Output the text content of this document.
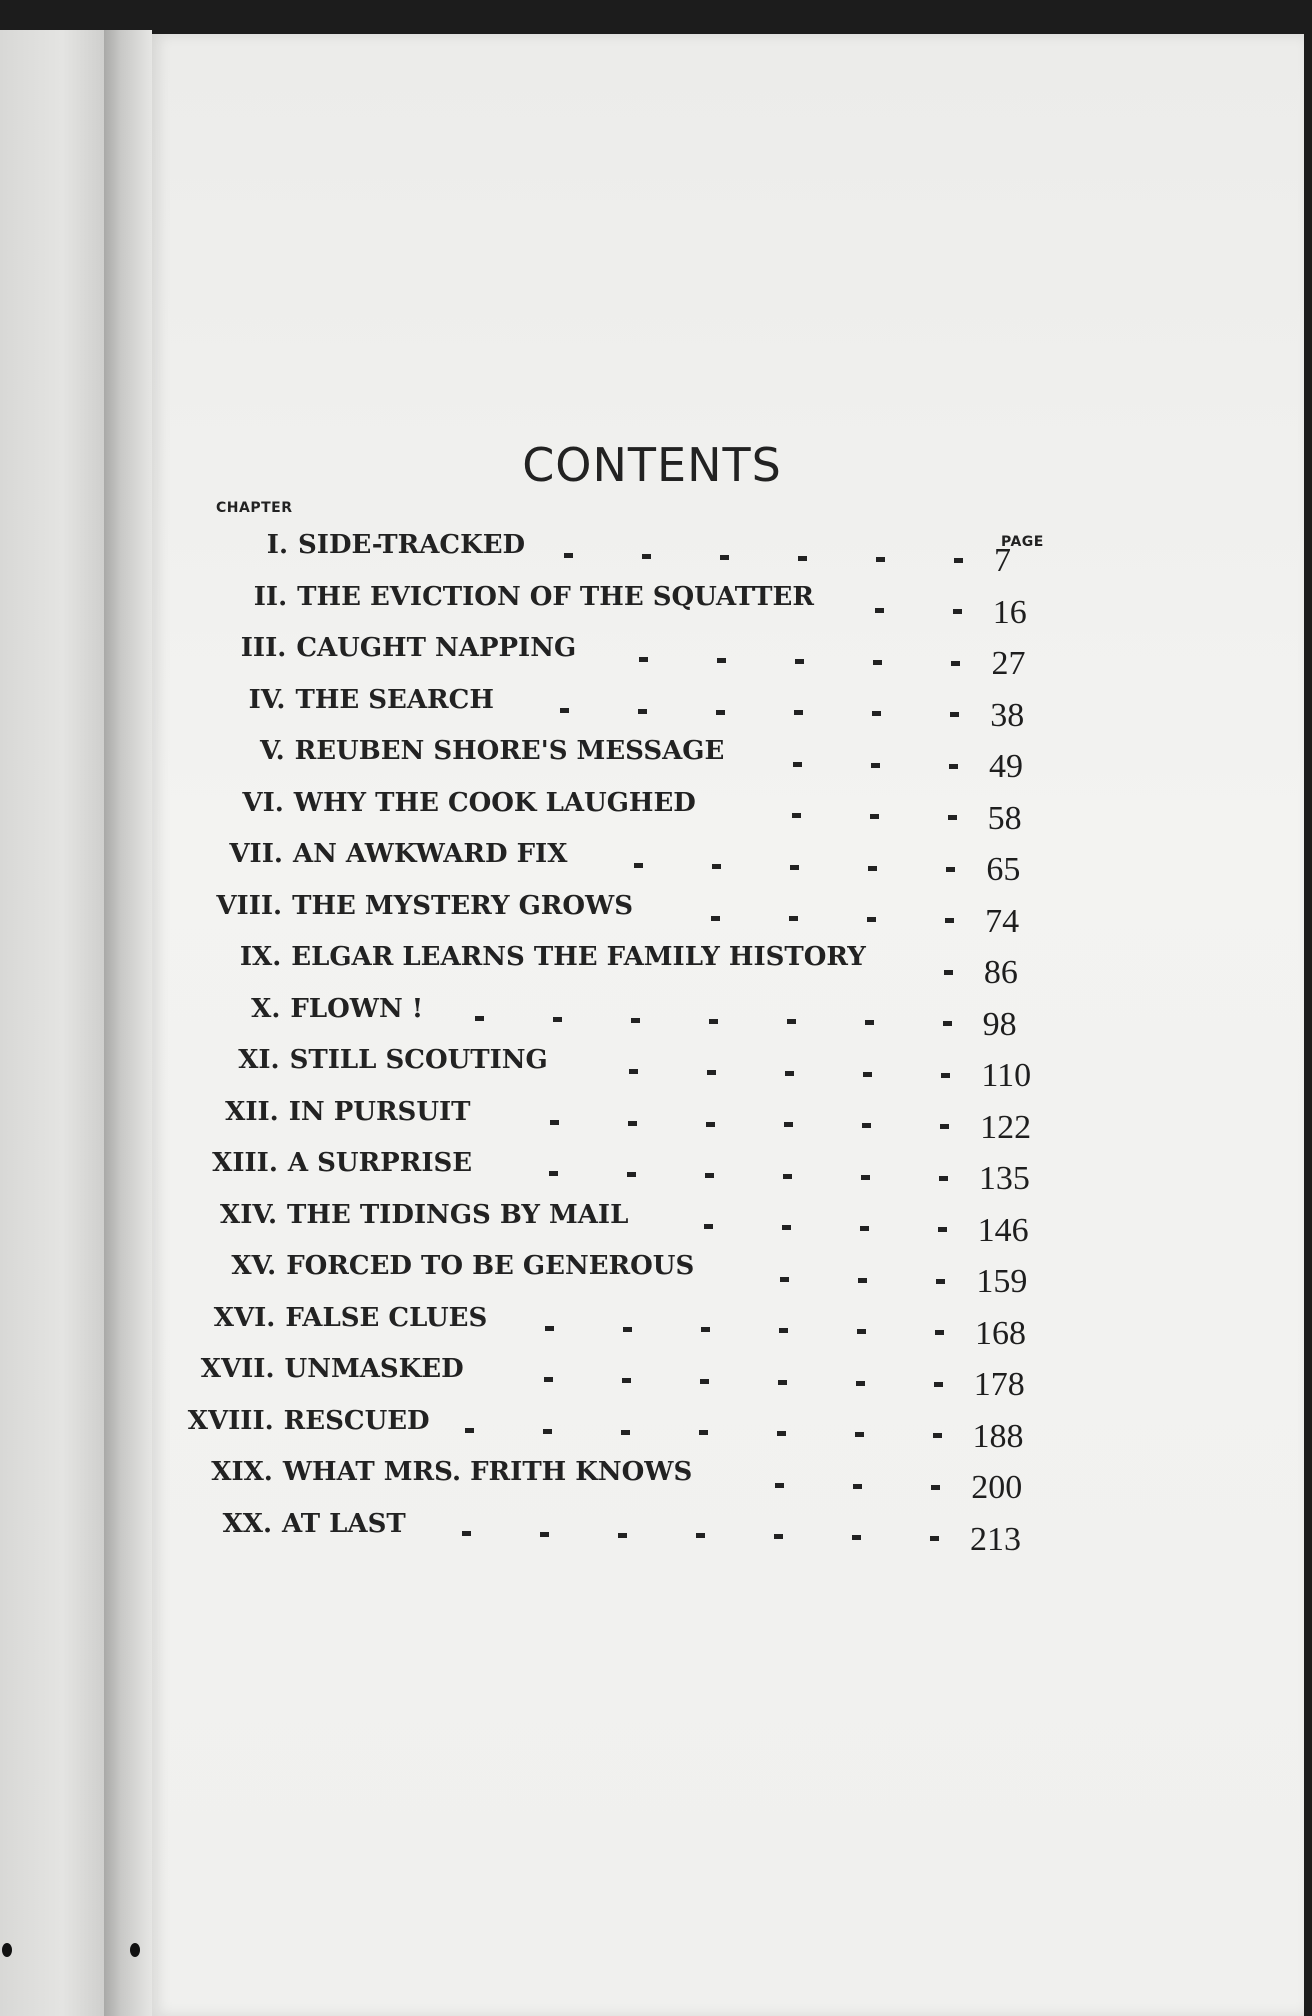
CONTENTS
CHAPTER
PAGE
I. SIDE-TRACKED	7
II. THE EVICTION OF THE SQUATTER	16
III. CAUGHT NAPPING	27
IV. THE SEARCH	38
V. REUBEN SHORE'S MESSAGE	49
VI. WHY THE COOK LAUGHED	58
VII. AN AWKWARD FIX	65
VIII. THE MYSTERY GROWS	74
IX. ELGAR LEARNS THE FAMILY HISTORY	86
X. FLOWN !	98
XI. STILL SCOUTING	110
XII. IN PURSUIT	122
XIII. A SURPRISE	135
XIV. THE TIDINGS BY MAIL	146
XV. FORCED TO BE GENEROUS	159
XVI. FALSE CLUES	168
XVII. UNMASKED	178
XVIII. RESCUED	188
XIX. WHAT MRS. FRITH KNOWS	200
XX. AT LAST	213
